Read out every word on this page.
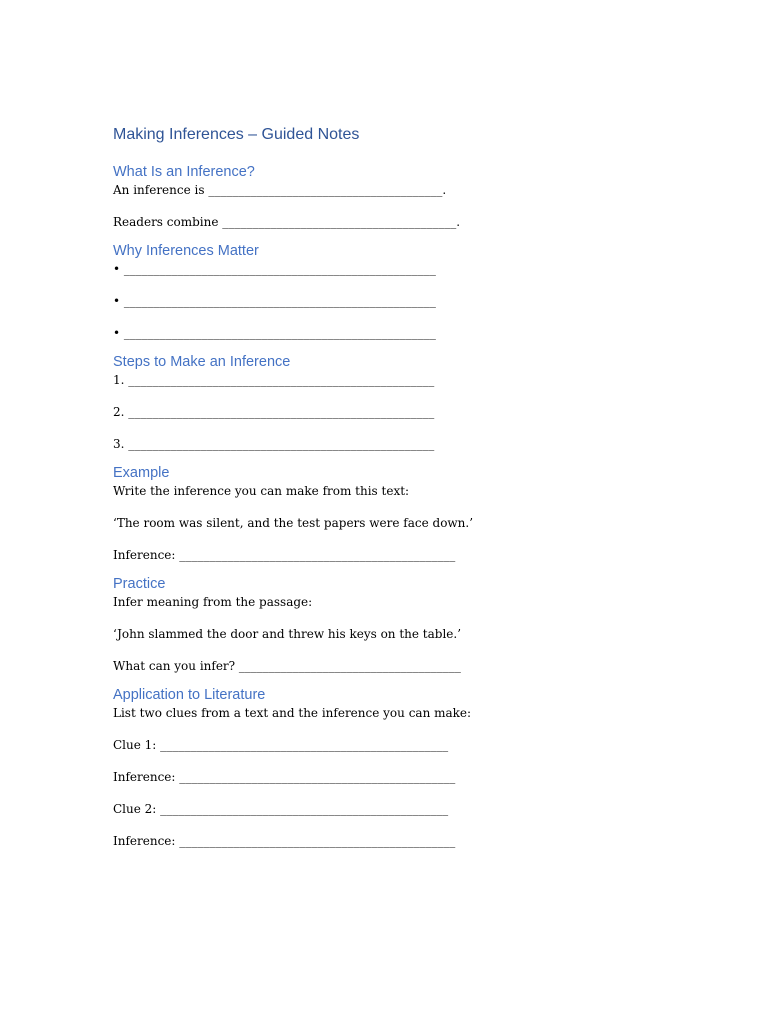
Making Inferences – Guided Notes
What Is an Inference?
An inference is _______________________________________.
Readers combine _______________________________________.
Why Inferences Matter
• ____________________________________________________
• ____________________________________________________
• ____________________________________________________
Steps to Make an Inference
1. ___________________________________________________
2. ___________________________________________________
3. ___________________________________________________
Example
Write the inference you can make from this text:
‘The room was silent, and the test papers were face down.’
Inference: ______________________________________________
Practice
Infer meaning from the passage:
‘John slammed the door and threw his keys on the table.’
What can you infer? _____________________________________
Application to Literature
List two clues from a text and the inference you can make:
Clue 1: ________________________________________________
Inference: ______________________________________________
Clue 2: ________________________________________________
Inference: ______________________________________________
